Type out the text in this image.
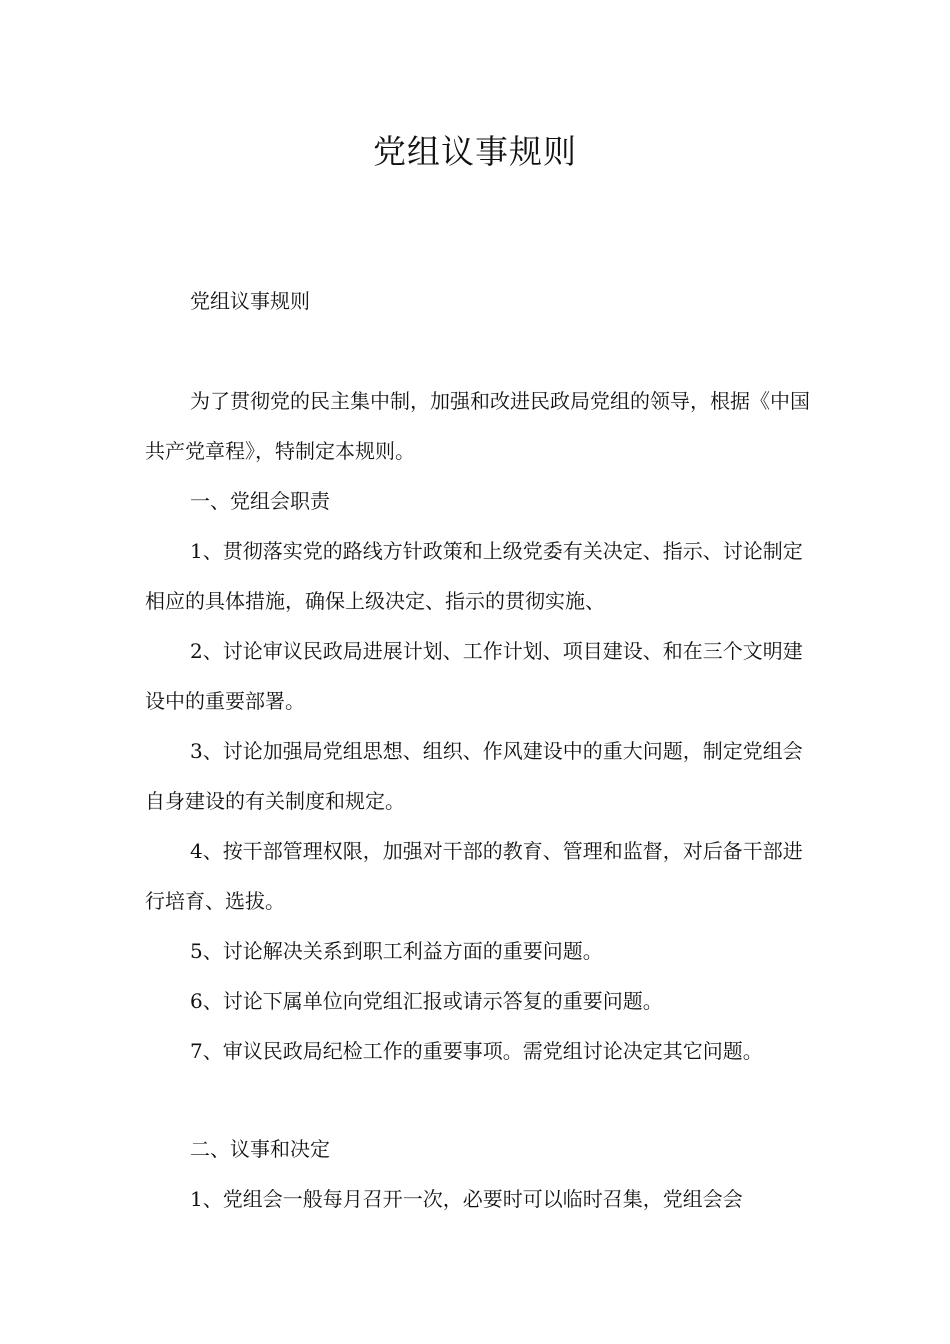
党组议事规则

党组议事规则

为了贯彻党的民主集中制，加强和改进民政局党组的领导，根据《中国共产党章程》，特制定本规则。

一、党组会职责

1、贯彻落实党的路线方针政策和上级党委有关决定、指示、讨论制定相应的具体措施，确保上级决定、指示的贯彻实施、

2、讨论审议民政局进展计划、工作计划、项目建设、和在三个文明建设中的重要部署。

3、讨论加强局党组思想、组织、作风建设中的重大问题，制定党组会自身建设的有关制度和规定。

4、按干部管理权限，加强对干部的教育、管理和监督，对后备干部进行培育、选拔。

5、讨论解决关系到职工利益方面的重要问题。

6、讨论下属单位向党组汇报或请示答复的重要问题。

7、审议民政局纪检工作的重要事项。需党组讨论决定其它问题。

二、议事和决定

1、党组会一般每月召开一次，必要时可以临时召集，党组会会
